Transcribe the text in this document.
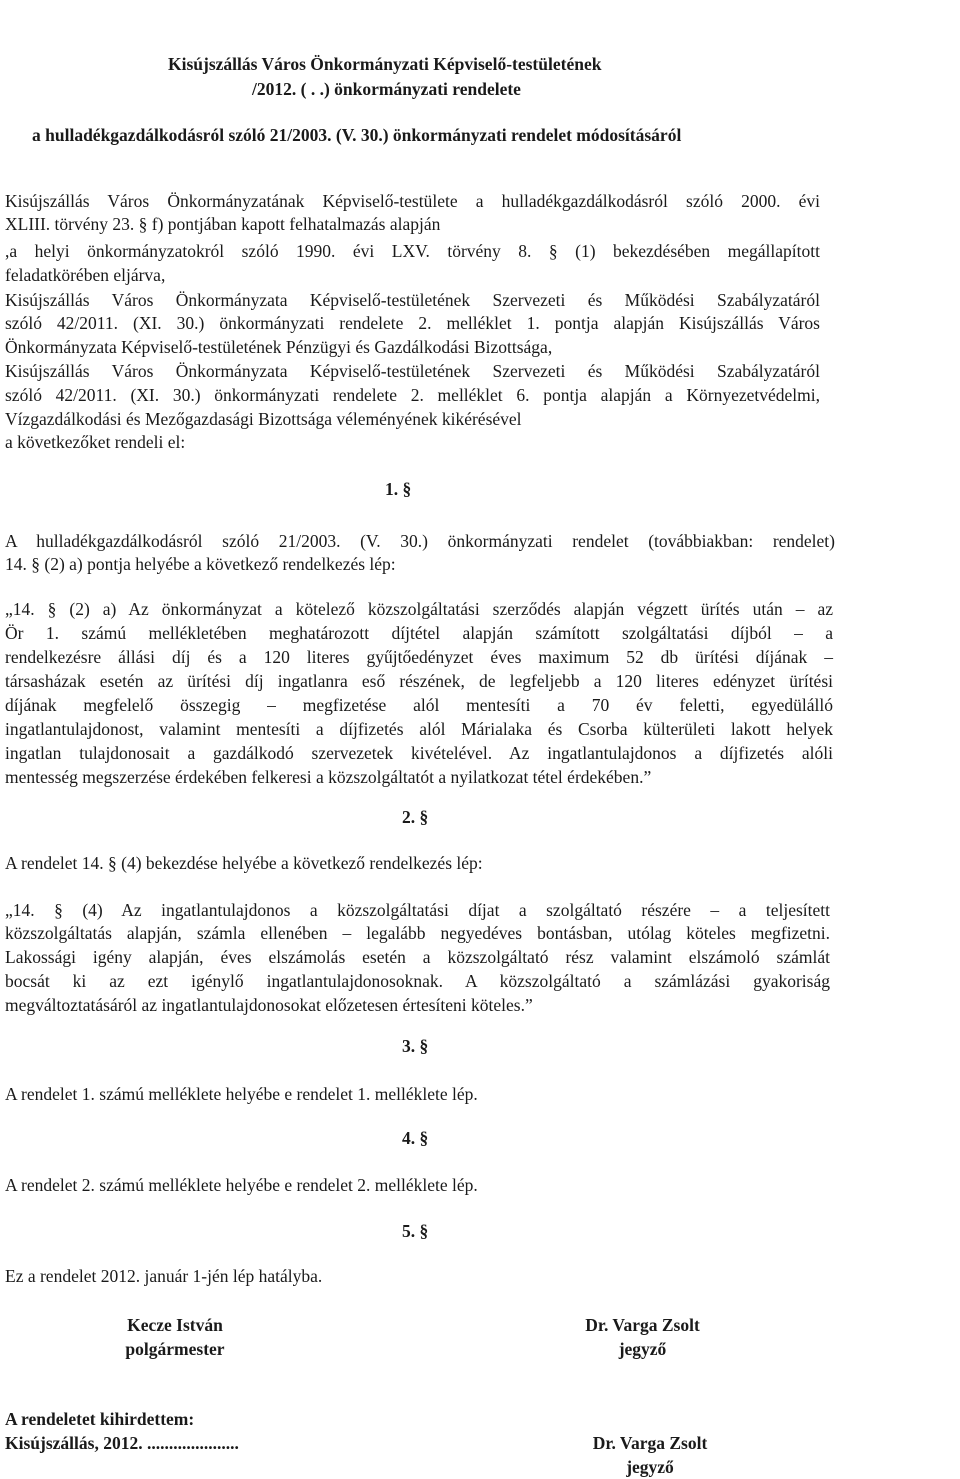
Kisújszállás Város Önkormányzati Képviselő-testületének
/2012. ( . .) önkormányzati rendelete
a hulladékgazdálkodásról szóló 21/2003. (V. 30.) önkormányzati rendelet módosításáról
Kisújszállás Város Önkormányzatának Képviselő-testülete a hulladékgazdálkodásról szóló 2000. évi
XLIII. törvény 23. § f) pontjában kapott felhatalmazás alapján
,a helyi önkormányzatokról szóló 1990. évi LXV. törvény 8. § (1) bekezdésében megállapított
feladatkörében eljárva,
Kisújszállás Város Önkormányzata Képviselő-testületének Szervezeti és Működési Szabályzatáról
szóló 42/2011. (XI. 30.) önkormányzati rendelete 2. melléklet 1. pontja alapján Kisújszállás Város
Önkormányzata Képviselő-testületének Pénzügyi és Gazdálkodási Bizottsága,
Kisújszállás Város Önkormányzata Képviselő-testületének Szervezeti és Működési Szabályzatáról
szóló 42/2011. (XI. 30.) önkormányzati rendelete 2. melléklet 6. pontja alapján a Környezetvédelmi,
Vízgazdálkodási és Mezőgazdasági Bizottsága véleményének kikérésével
a következőket rendeli el:
1. §
A hulladékgazdálkodásról szóló 21/2003. (V. 30.) önkormányzati rendelet (továbbiakban: rendelet)
14. § (2) a) pontja helyébe a következő rendelkezés lép:
„14. § (2) a) Az önkormányzat a kötelező közszolgáltatási szerződés alapján végzett ürítés után – az
Ör 1. számú mellékletében meghatározott díjtétel alapján számított szolgáltatási díjból – a
rendelkezésre állási díj és a 120 literes gyűjtőedényzet éves maximum 52 db ürítési díjának –
társasházak esetén az ürítési díj ingatlanra eső részének, de legfeljebb a 120 literes edényzet ürítési
díjának megfelelő összegig – megfizetése alól mentesíti a 70 év feletti, egyedülálló
ingatlantulajdonost, valamint mentesíti a díjfizetés alól Márialaka és Csorba külterületi lakott helyek
ingatlan tulajdonosait a gazdálkodó szervezetek kivételével. Az ingatlantulajdonos a díjfizetés alóli
mentesség megszerzése érdekében felkeresi a közszolgáltatót a nyilatkozat tétel érdekében.”
2. §
A rendelet 14. § (4) bekezdése helyébe a következő rendelkezés lép:
„14. § (4) Az ingatlantulajdonos a közszolgáltatási díjat a szolgáltató részére – a teljesített
közszolgáltatás alapján, számla ellenében – legalább negyedéves bontásban, utólag köteles megfizetni.
Lakossági igény alapján, éves elszámolás esetén a közszolgáltató rész valamint elszámoló számlát
bocsát ki az ezt igénylő ingatlantulajdonosoknak. A közszolgáltató a számlázási gyakoriság
megváltoztatásáról az ingatlantulajdonosokat előzetesen értesíteni köteles.”
3. §
A rendelet 1. számú melléklete helyébe e rendelet 1. melléklete lép.
4. §
A rendelet 2. számú melléklete helyébe e rendelet 2. melléklete lép.
5. §
Ez a rendelet 2012. január 1-jén lép hatályba.
Kecze István
polgármester
Dr. Varga Zsolt
jegyző
A rendeletet kihirdettem:
Kisújszállás, 2012. .....................	Dr. Varga Zsolt
jegyző
